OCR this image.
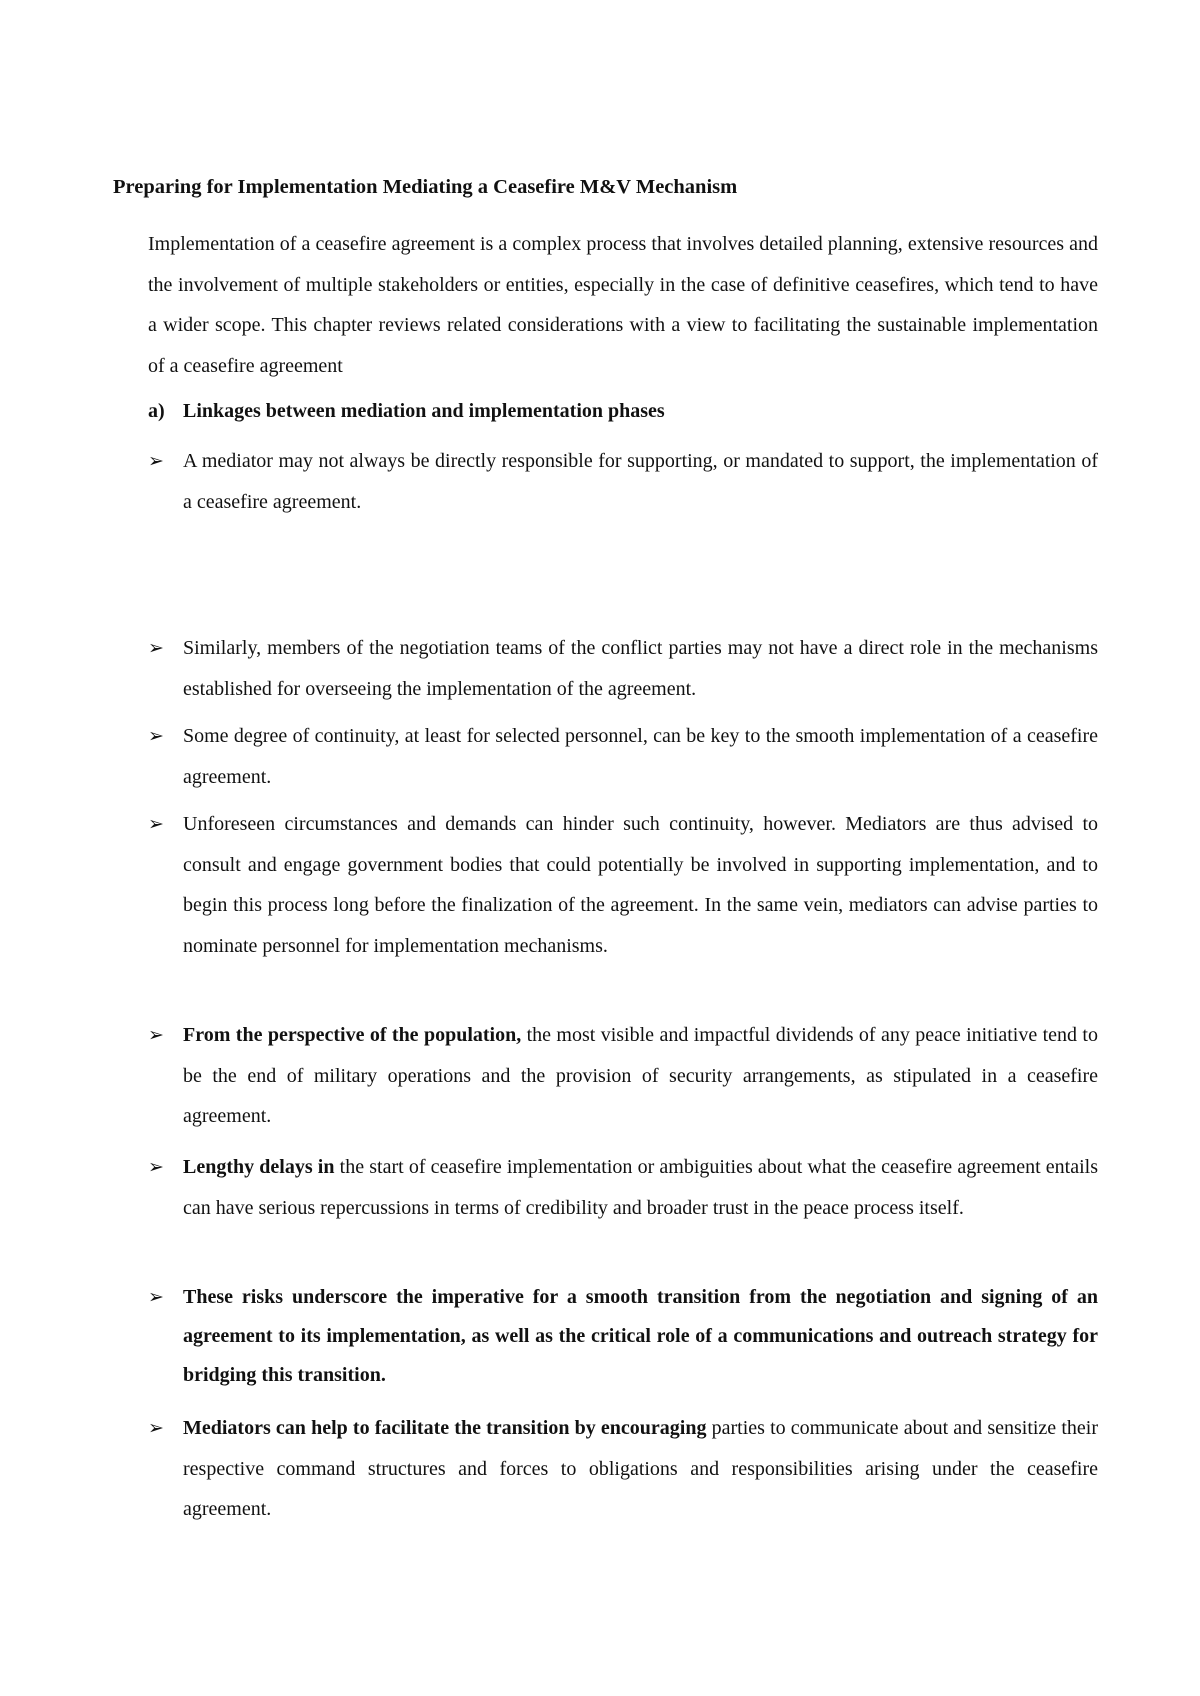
Preparing for Implementation Mediating a Ceasefire M&V Mechanism
Implementation of a ceasefire agreement is a complex process that involves detailed planning, extensive resources and the involvement of multiple stakeholders or entities, especially in the case of definitive ceasefires, which tend to have a wider scope. This chapter reviews related considerations with a view to facilitating the sustainable implementation of a ceasefire agreement
a) Linkages between mediation and implementation phases
➢ A mediator may not always be directly responsible for supporting, or mandated to support, the implementation of a ceasefire agreement.
➢ Similarly, members of the negotiation teams of the conflict parties may not have a direct role in the mechanisms established for overseeing the implementation of the agreement.
➢ Some degree of continuity, at least for selected personnel, can be key to the smooth implementation of a ceasefire agreement.
➢ Unforeseen circumstances and demands can hinder such continuity, however. Mediators are thus advised to consult and engage government bodies that could potentially be involved in supporting implementation, and to begin this process long before the finalization of the agreement. In the same vein, mediators can advise parties to nominate personnel for implementation mechanisms.
➢ From the perspective of the population, the most visible and impactful dividends of any peace initiative tend to be the end of military operations and the provision of security arrangements, as stipulated in a ceasefire agreement.
➢ Lengthy delays in the start of ceasefire implementation or ambiguities about what the ceasefire agreement entails can have serious repercussions in terms of credibility and broader trust in the peace process itself.
➢ These risks underscore the imperative for a smooth transition from the negotiation and signing of an agreement to its implementation, as well as the critical role of a communications and outreach strategy for bridging this transition.
➢ Mediators can help to facilitate the transition by encouraging parties to communicate about and sensitize their respective command structures and forces to obligations and responsibilities arising under the ceasefire agreement.
